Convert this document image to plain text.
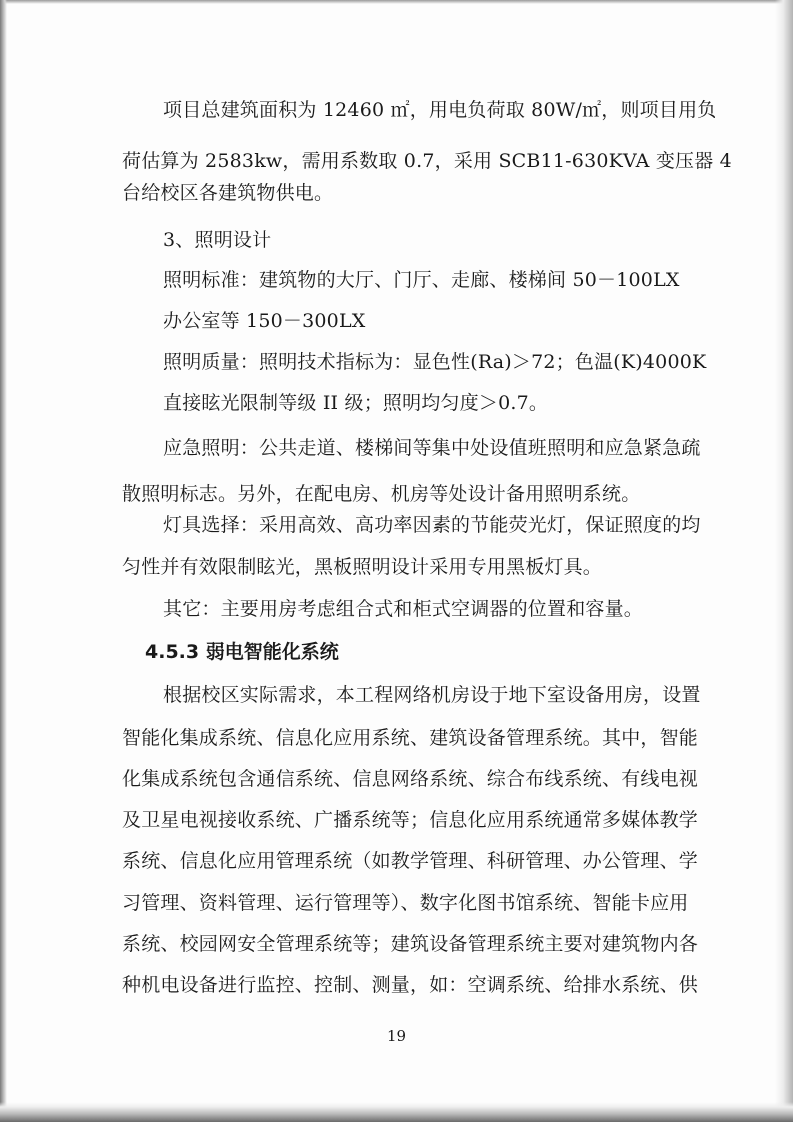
项目总建筑面积为 12460 ㎡，用电负荷取 80W/㎡，则项目用负
荷估算为 2583kw，需用系数取 0.7，采用 SCB11-630KVA 变压器 4
台给校区各建筑物供电。
3、照明设计
照明标准：建筑物的大厅、门厅、走廊、楼梯间 50－100LX
办公室等 150－300LX
照明质量：照明技术指标为：显色性(Ra)＞72；色温(K)4000K
直接眩光限制等级 II 级；照明均匀度＞0.7。
应急照明：公共走道、楼梯间等集中处设值班照明和应急紧急疏
散照明标志。另外，在配电房、机房等处设计备用照明系统。
灯具选择：采用高效、高功率因素的节能荧光灯，保证照度的均
匀性并有效限制眩光，黑板照明设计采用专用黑板灯具。
其它：主要用房考虑组合式和柜式空调器的位置和容量。
4.5.3 弱电智能化系统
根据校区实际需求，本工程网络机房设于地下室设备用房，设置
智能化集成系统、信息化应用系统、建筑设备管理系统。其中，智能
化集成系统包含通信系统、信息网络系统、综合布线系统、有线电视
及卫星电视接收系统、广播系统等；信息化应用系统通常多媒体教学
系统、信息化应用管理系统（如教学管理、科研管理、办公管理、学
习管理、资料管理、运行管理等）、数字化图书馆系统、智能卡应用
系统、校园网安全管理系统等；建筑设备管理系统主要对建筑物内各
种机电设备进行监控、控制、测量，如：空调系统、给排水系统、供
19
